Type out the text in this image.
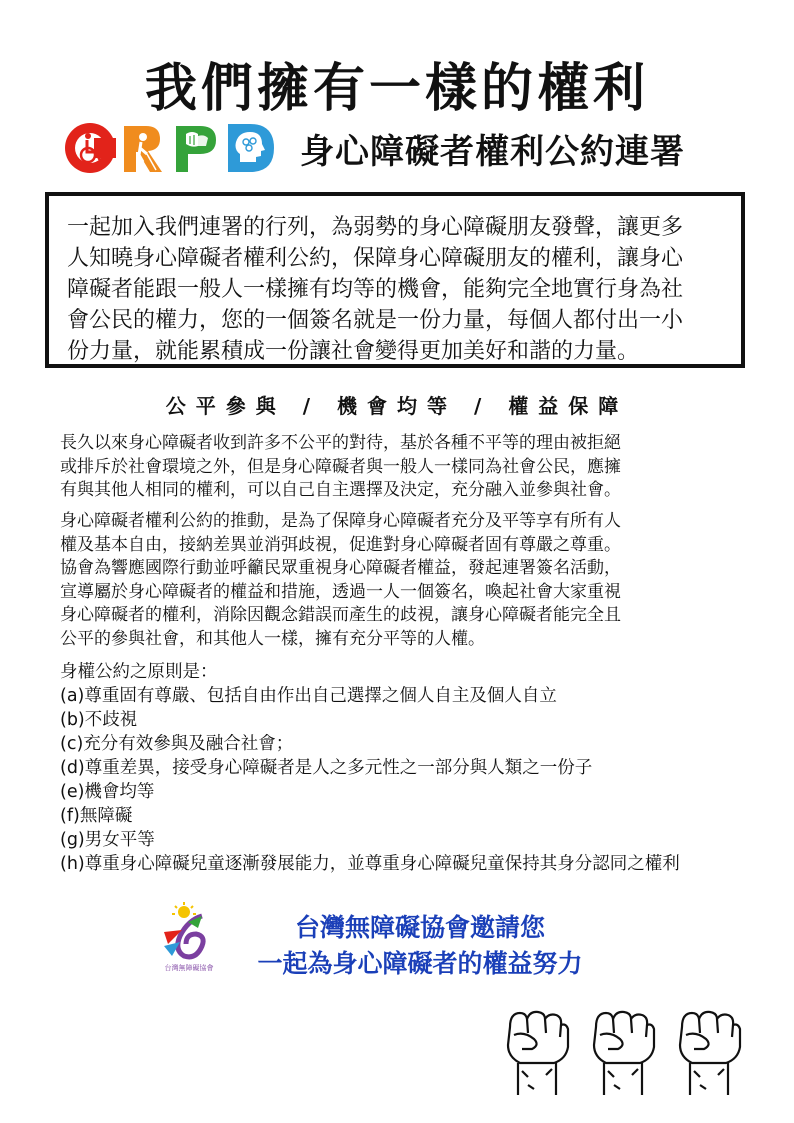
我們擁有一樣的權利
身心障礙者權利公約連署
一起加入我們連署的行列，為弱勢的身心障礙朋友發聲，讓更多
人知曉身心障礙者權利公約，保障身心障礙朋友的權利，讓身心
障礙者能跟一般人一樣擁有均等的機會，能夠完全地實行身為社
會公民的權力，您的一個簽名就是一份力量，每個人都付出一小
份力量，就能累積成一份讓社會變得更加美好和諧的力量。
公平參與 / 機會均等 / 權益保障
長久以來身心障礙者收到許多不公平的對待，基於各種不平等的理由被拒絕
或排斥於社會環境之外，但是身心障礙者與一般人一樣同為社會公民，應擁
有與其他人相同的權利，可以自己自主選擇及決定，充分融入並參與社會。
身心障礙者權利公約的推動，是為了保障身心障礙者充分及平等享有所有人
權及基本自由，接納差異並消弭歧視，促進對身心障礙者固有尊嚴之尊重。
協會為響應國際行動並呼籲民眾重視身心障礙者權益，發起連署簽名活動，
宣導屬於身心障礙者的權益和措施，透過一人一個簽名，喚起社會大家重視
身心障礙者的權利，消除因觀念錯誤而產生的歧視，讓身心障礙者能完全且
公平的參與社會，和其他人一樣，擁有充分平等的人權。
身權公約之原則是：
(a)尊重固有尊嚴、包括自由作出自己選擇之個人自主及個人自立
(b)不歧視
(c)充分有效參與及融合社會；
(d)尊重差異，接受身心障礙者是人之多元性之一部分與人類之一份子
(e)機會均等
(f)無障礙
(g)男女平等
(h)尊重身心障礙兒童逐漸發展能力，並尊重身心障礙兒童保持其身分認同之權利
台灣無障礙協會
台灣無障礙協會邀請您
一起為身心障礙者的權益努力
